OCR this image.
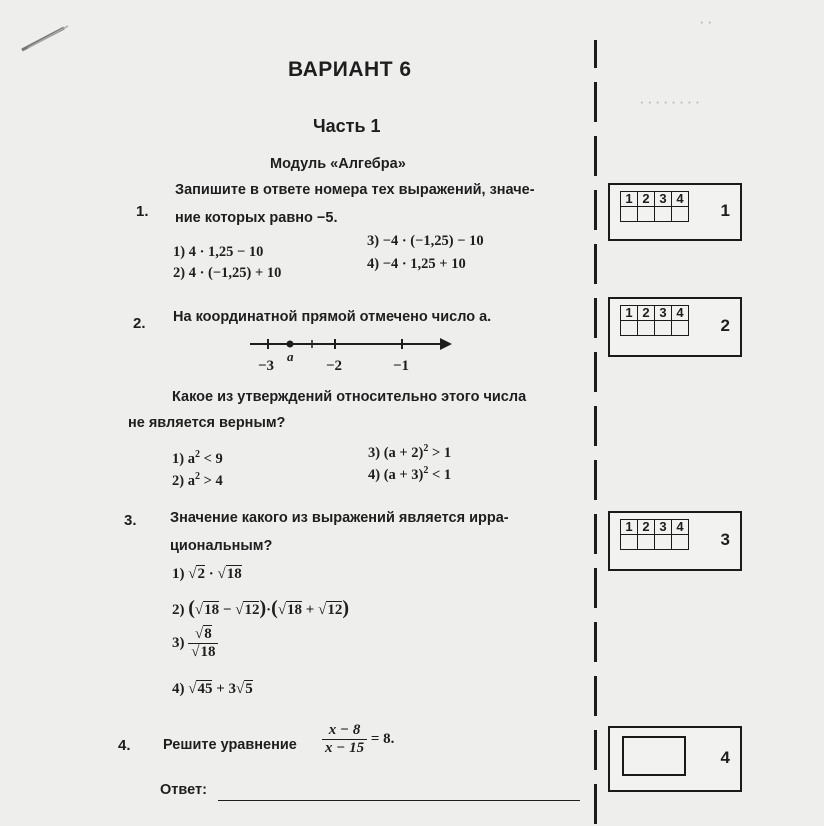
· · · · · · · ·
· ·
ВАРИАНТ 6
Часть 1
Модуль «Алгебра»
1.
Запишите в ответе номера тех выражений, значе-
ние которых равно −5.
1) 4 · 1,25 − 10
3) −4 · (−1,25) − 10
2) 4 · (−1,25) + 10
4) −4 · 1,25 + 10
1	2	3	4

1
2. На координатной прямой отмечено число a.
−3
a
−2	−1
Какое из утверждений относительно этого числа
не является верным?
1) $a^2 < 9$	3) $(a + 2)^2 > 1$
2) $a^2 > 4$	4) $(a + 3)^2 < 1$
1	2	3	4

2
3. Значение какого из выражений является ирра-
циональным?
1) √2 · √18
2) (√18 − √12)·(√18 + √12)
$3) \frac{√8}{√18}$
4) √45 + 3√5
1	2	3	4

3
4. Решите уравнение $\frac{x - 8}{x - 15} = 8$.
Ответ:
4
